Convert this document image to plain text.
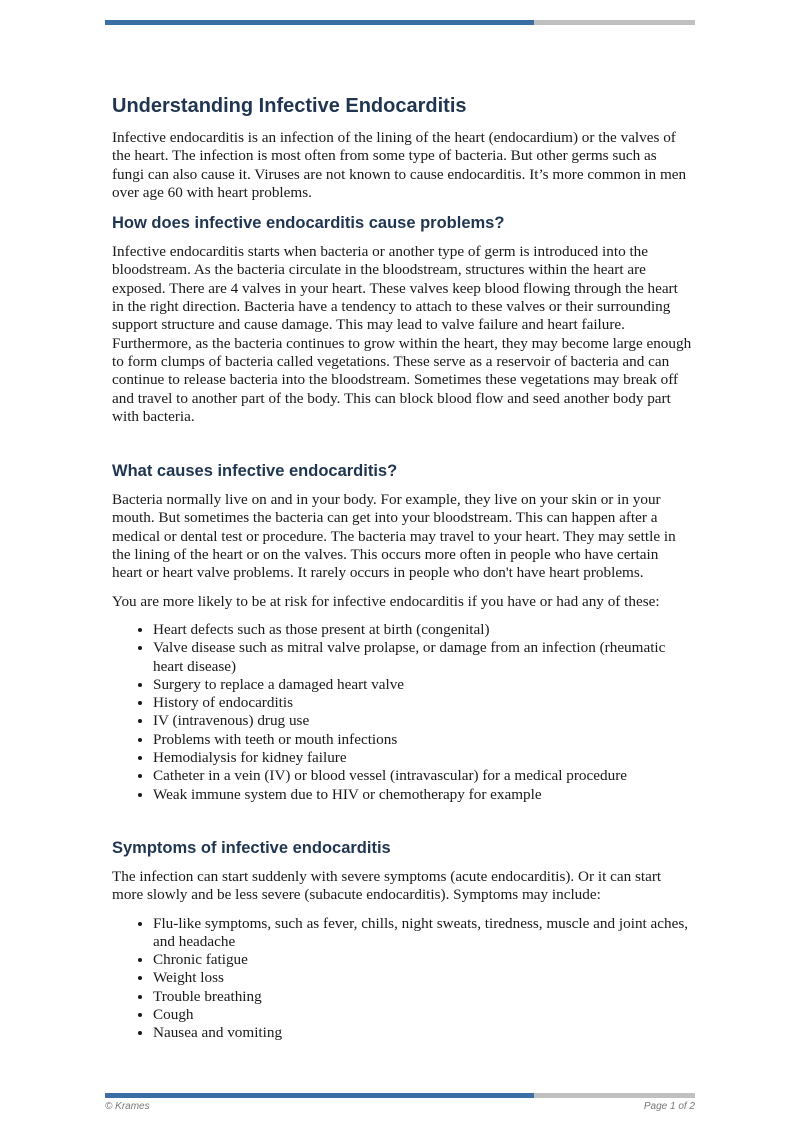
Understanding Infective Endocarditis

Infective endocarditis is an infection of the lining of the heart (endocardium) or the valves of the heart. The infection is most often from some type of bacteria. But other germs such as fungi can also cause it. Viruses are not known to cause endocarditis. It’s more common in men over age 60 with heart problems.

How does infective endocarditis cause problems?

Infective endocarditis starts when bacteria or another type of germ is introduced into the bloodstream. As the bacteria circulate in the bloodstream, structures within the heart are exposed. There are 4 valves in your heart. These valves keep blood flowing through the heart in the right direction. Bacteria have a tendency to attach to these valves or their surrounding support structure and cause damage. This may lead to valve failure and heart failure. Furthermore, as the bacteria continues to grow within the heart, they may become large enough to form clumps of bacteria called vegetations. These serve as a reservoir of bacteria and can continue to release bacteria into the bloodstream. Sometimes these vegetations may break off and travel to another part of the body. This can block blood flow and seed another body part with bacteria.

What causes infective endocarditis?

Bacteria normally live on and in your body. For example, they live on your skin or in your mouth. But sometimes the bacteria can get into your bloodstream. This can happen after a medical or dental test or procedure. The bacteria may travel to your heart. They may settle in the lining of the heart or on the valves. This occurs more often in people who have certain heart or heart valve problems. It rarely occurs in people who don't have heart problems.

You are more likely to be at risk for infective endocarditis if you have or had any of these:

• Heart defects such as those present at birth (congenital)
• Valve disease such as mitral valve prolapse, or damage from an infection (rheumatic heart disease)
• Surgery to replace a damaged heart valve
• History of endocarditis
• IV (intravenous) drug use
• Problems with teeth or mouth infections
• Hemodialysis for kidney failure
• Catheter in a vein (IV) or blood vessel (intravascular) for a medical procedure
• Weak immune system due to HIV or chemotherapy for example
Symptoms of infective endocarditis

The infection can start suddenly with severe symptoms (acute endocarditis). Or it can start more slowly and be less severe (subacute endocarditis). Symptoms may include:

• Flu-like symptoms, such as fever, chills, night sweats, tiredness, muscle and joint aches, and headache
• Chronic fatigue
• Weight loss
• Trouble breathing
• Cough
• Nausea and vomiting
© Krames	Page 1 of 2
